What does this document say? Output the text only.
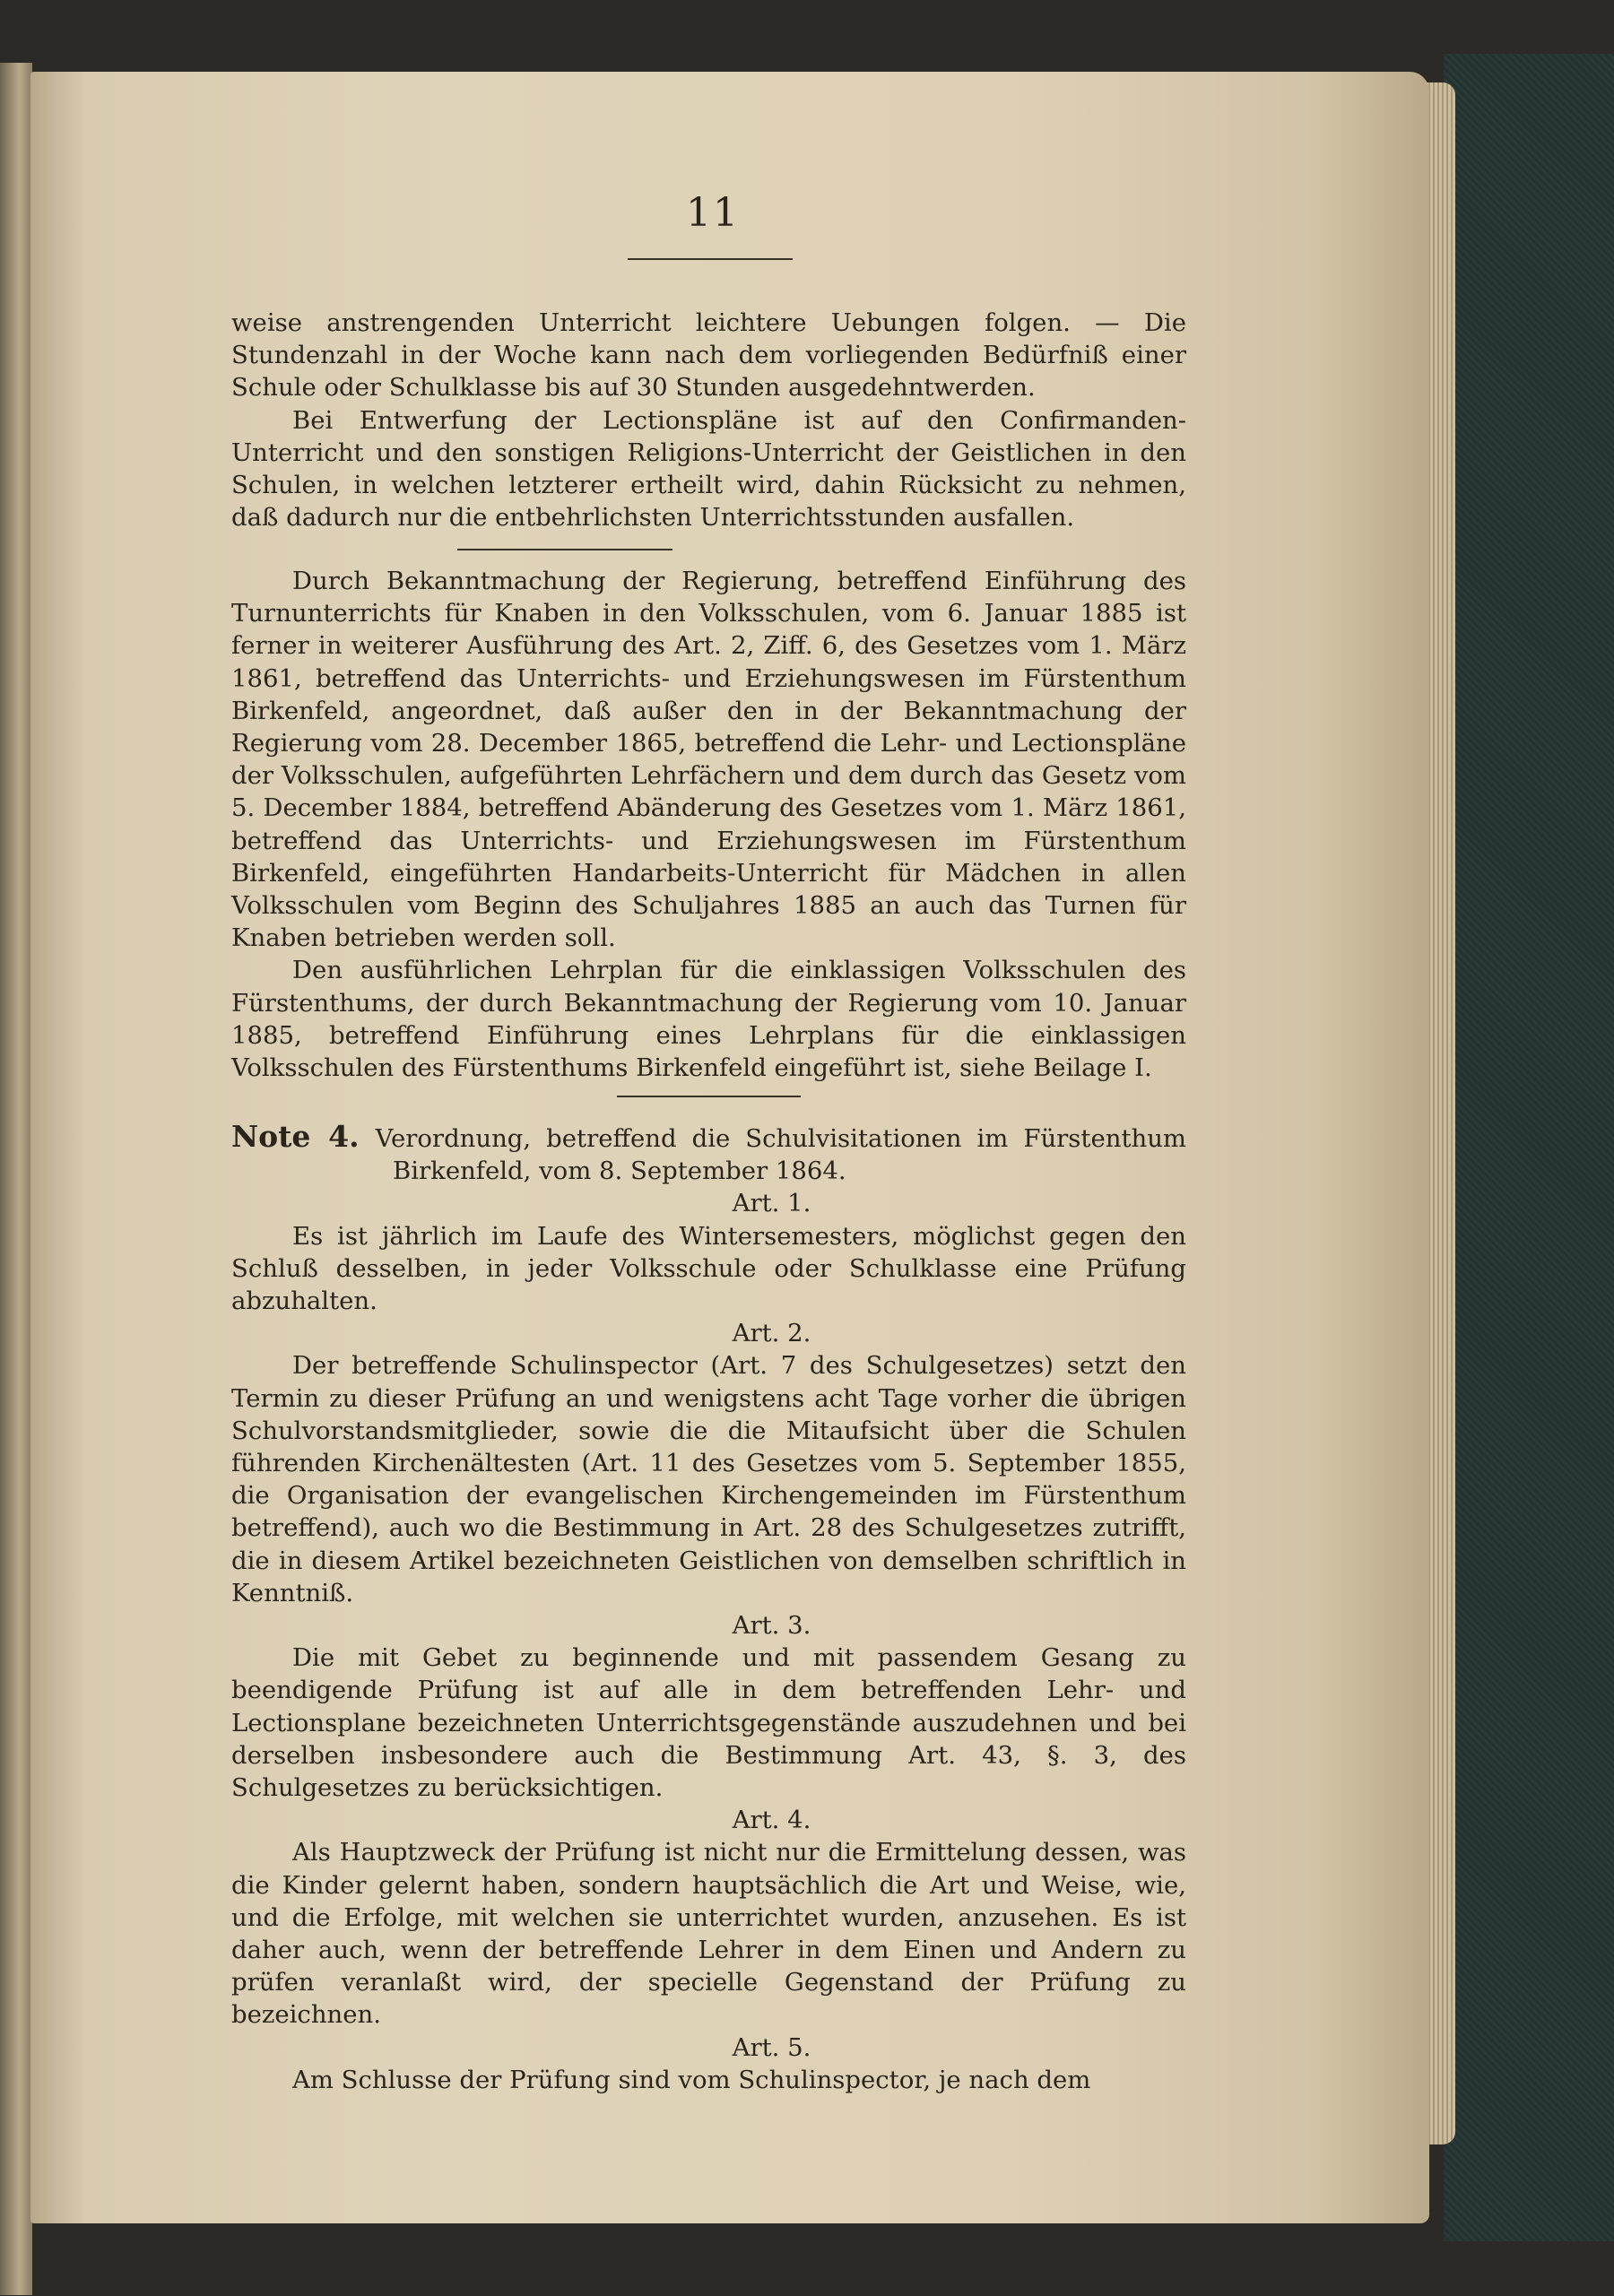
11

weise anstrengenden Unterricht leichtere Uebungen folgen. — Die Stundenzahl in der Woche kann nach dem vorliegenden Bedürfniß einer Schule oder Schulklasse bis auf 30 Stunden ausgedehntwerden.

Bei Entwerfung der Lectionspläne ist auf den Confirmanden-Unterricht und den sonstigen Religions-Unterricht der Geistlichen in den Schulen, in welchen letzterer ertheilt wird, dahin Rücksicht zu nehmen, daß dadurch nur die entbehrlichsten Unterrichtsstunden ausfallen.

Durch Bekanntmachung der Regierung, betreffend Einführung des Turnunterrichts für Knaben in den Volksschulen, vom 6. Januar 1885 ist ferner in weiterer Ausführung des Art. 2, Ziff. 6, des Gesetzes vom 1. März 1861, betreffend das Unterrichts- und Erziehungswesen im Fürstenthum Birkenfeld, angeordnet, daß außer den in der Bekanntmachung der Regierung vom 28. December 1865, betreffend die Lehr- und Lectionspläne der Volksschulen, aufgeführten Lehrfächern und dem durch das Gesetz vom 5. December 1884, betreffend Abänderung des Gesetzes vom 1. März 1861, betreffend das Unterrichts- und Erziehungswesen im Fürstenthum Birkenfeld, eingeführten Handarbeits-Unterricht für Mädchen in allen Volksschulen vom Beginn des Schuljahres 1885 an auch das Turnen für Knaben betrieben werden soll.

Den ausführlichen Lehrplan für die einklassigen Volksschulen des Fürstenthums, der durch Bekanntmachung der Regierung vom 10. Januar 1885, betreffend Einführung eines Lehrplans für die einklassigen Volksschulen des Fürstenthums Birkenfeld eingeführt ist, siehe Beilage I.

Note 4. Verordnung, betreffend die Schulvisitationen im Fürstenthum Birkenfeld, vom 8. September 1864.

Art. 1.

Es ist jährlich im Laufe des Wintersemesters, möglichst gegen den Schluß desselben, in jeder Volksschule oder Schulklasse eine Prüfung abzuhalten.

Art. 2.

Der betreffende Schulinspector (Art. 7 des Schulgesetzes) setzt den Termin zu dieser Prüfung an und wenigstens acht Tage vorher die übrigen Schulvorstandsmitglieder, sowie die die Mitaufsicht über die Schulen führenden Kirchenältesten (Art. 11 des Gesetzes vom 5. September 1855, die Organisation der evangelischen Kirchengemeinden im Fürstenthum betreffend), auch wo die Bestimmung in Art. 28 des Schulgesetzes zutrifft, die in diesem Artikel bezeichneten Geistlichen von demselben schriftlich in Kenntniß.

Art. 3.

Die mit Gebet zu beginnende und mit passendem Gesang zu beendigende Prüfung ist auf alle in dem betreffenden Lehr- und Lectionsplane bezeichneten Unterrichtsgegenstände auszudehnen und bei derselben insbesondere auch die Bestimmung Art. 43, §. 3, des Schulgesetzes zu berücksichtigen.

Art. 4.

Als Hauptzweck der Prüfung ist nicht nur die Ermittelung dessen, was die Kinder gelernt haben, sondern hauptsächlich die Art und Weise, wie, und die Erfolge, mit welchen sie unterrichtet wurden, anzusehen. Es ist daher auch, wenn der betreffende Lehrer in dem Einen und Andern zu prüfen veranlaßt wird, der specielle Gegenstand der Prüfung zu bezeichnen.

Art. 5.

Am Schlusse der Prüfung sind vom Schulinspector, je nach dem
